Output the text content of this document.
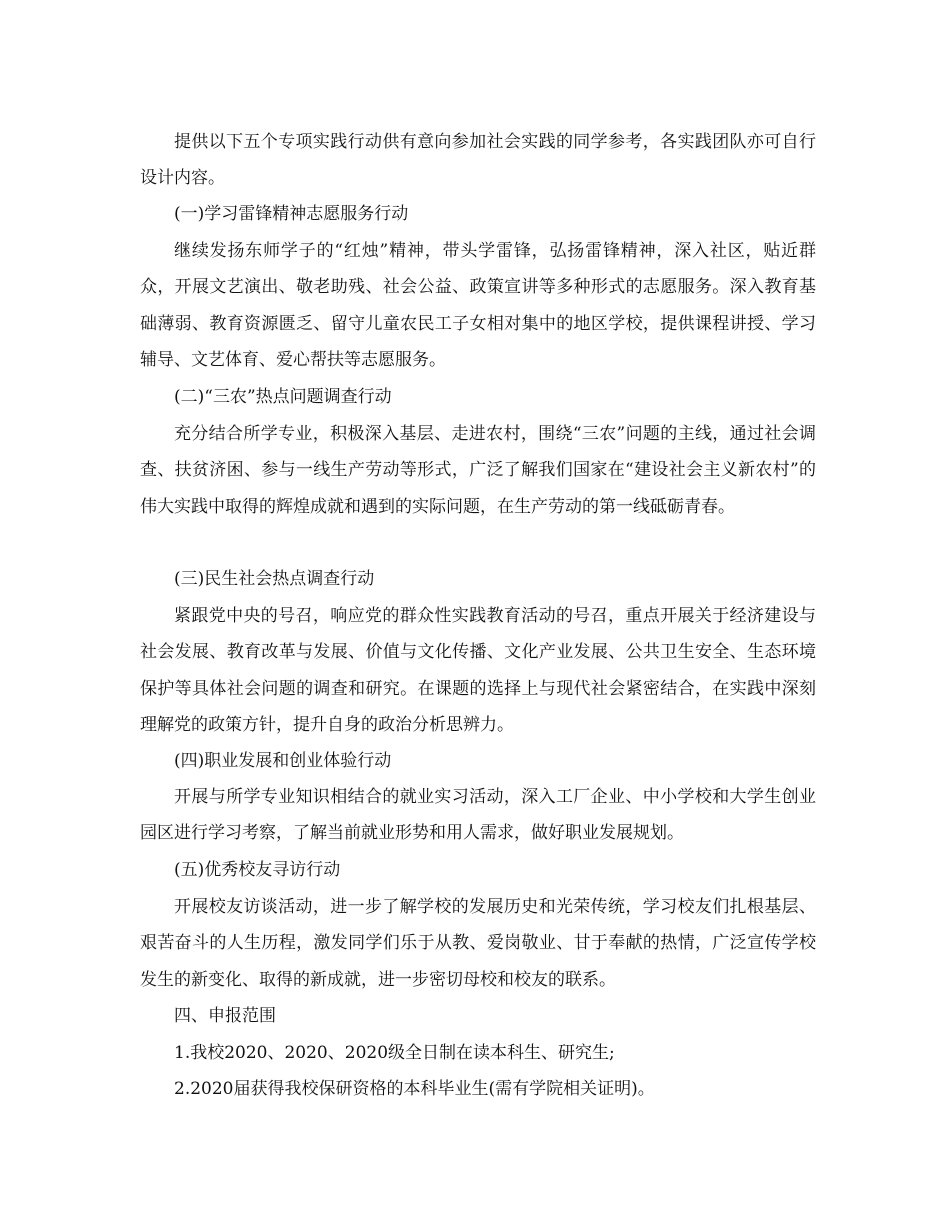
提供以下五个专项实践行动供有意向参加社会实践的同学参考，各实践团队亦可自行设计内容。

(一)学习雷锋精神志愿服务行动

继续发扬东师学子的“红烛”精神，带头学雷锋，弘扬雷锋精神，深入社区，贴近群众，开展文艺演出、敬老助残、社会公益、政策宣讲等多种形式的志愿服务。深入教育基础薄弱、教育资源匮乏、留守儿童农民工子女相对集中的地区学校，提供课程讲授、学习辅导、文艺体育、爱心帮扶等志愿服务。

(二)“三农”热点问题调查行动

充分结合所学专业，积极深入基层、走进农村，围绕“三农”问题的主线，通过社会调查、扶贫济困、参与一线生产劳动等形式，广泛了解我们国家在“建设社会主义新农村”的伟大实践中取得的辉煌成就和遇到的实际问题，在生产劳动的第一线砥砺青春。

(三)民生社会热点调查行动

紧跟党中央的号召，响应党的群众性实践教育活动的号召，重点开展关于经济建设与社会发展、教育改革与发展、价值与文化传播、文化产业发展、公共卫生安全、生态环境保护等具体社会问题的调查和研究。在课题的选择上与现代社会紧密结合，在实践中深刻理解党的政策方针，提升自身的政治分析思辨力。

(四)职业发展和创业体验行动

开展与所学专业知识相结合的就业实习活动，深入工厂企业、中小学校和大学生创业园区进行学习考察，了解当前就业形势和用人需求，做好职业发展规划。

(五)优秀校友寻访行动

开展校友访谈活动，进一步了解学校的发展历史和光荣传统，学习校友们扎根基层、艰苦奋斗的人生历程，激发同学们乐于从教、爱岗敬业、甘于奉献的热情，广泛宣传学校发生的新变化、取得的新成就，进一步密切母校和校友的联系。

四、申报范围

1.我校2020、2020、2020级全日制在读本科生、研究生;

2.2020届获得我校保研资格的本科毕业生(需有学院相关证明)。
